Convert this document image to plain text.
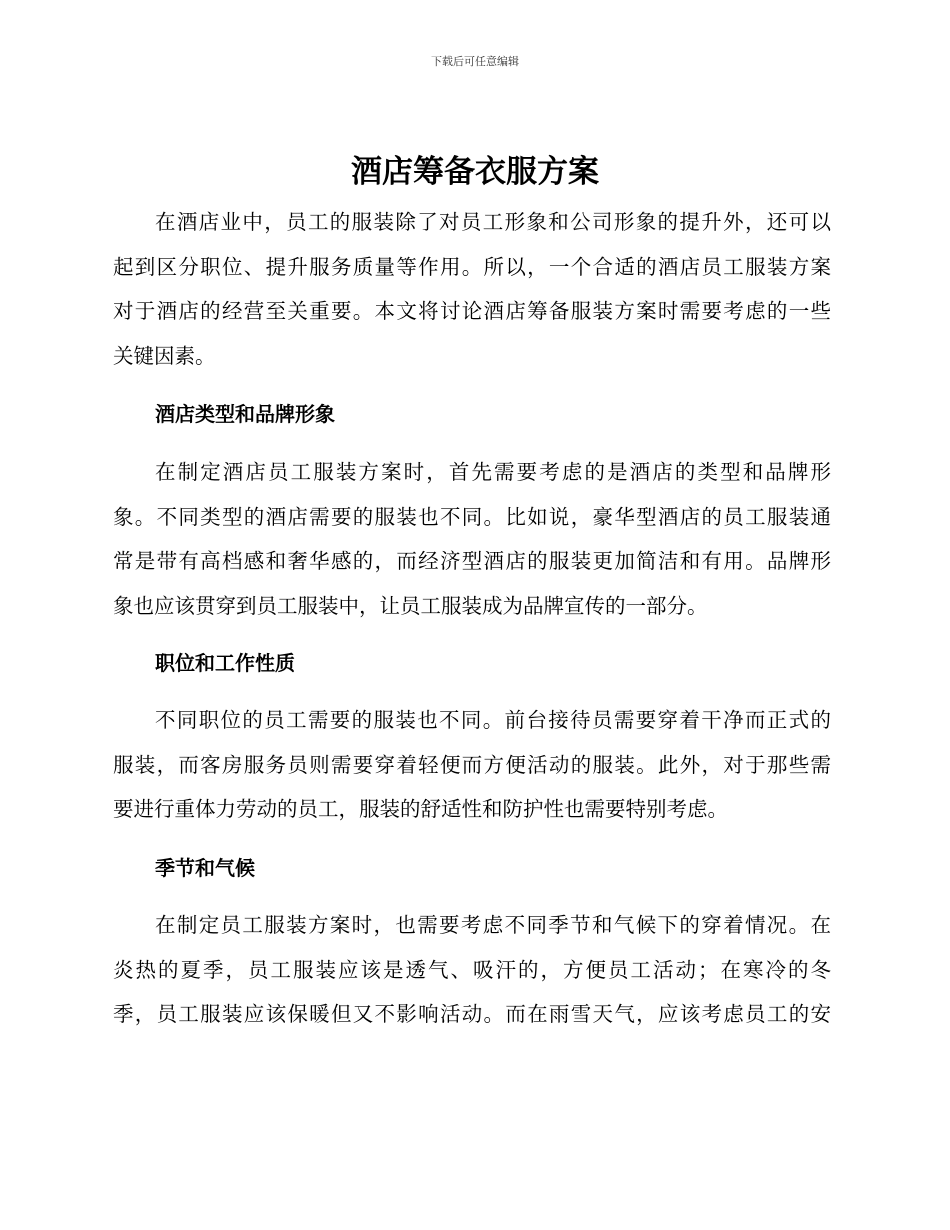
下载后可任意编辑
酒店筹备衣服方案

在酒店业中，员工的服装除了对员工形象和公司形象的提升外，还可以
起到区分职位、提升服务质量等作用。所以，一个合适的酒店员工服装方案
对于酒店的经营至关重要。本文将讨论酒店筹备服装方案时需要考虑的一些
关键因素。

酒店类型和品牌形象

在制定酒店员工服装方案时，首先需要考虑的是酒店的类型和品牌形
象。不同类型的酒店需要的服装也不同。比如说，豪华型酒店的员工服装通
常是带有高档感和奢华感的，而经济型酒店的服装更加简洁和有用。品牌形
象也应该贯穿到员工服装中，让员工服装成为品牌宣传的一部分。

职位和工作性质

不同职位的员工需要的服装也不同。前台接待员需要穿着干净而正式的
服装，而客房服务员则需要穿着轻便而方便活动的服装。此外，对于那些需
要进行重体力劳动的员工，服装的舒适性和防护性也需要特别考虑。

季节和气候

在制定员工服装方案时，也需要考虑不同季节和气候下的穿着情况。在
炎热的夏季，员工服装应该是透气、吸汗的，方便员工活动；在寒冷的冬
季，员工服装应该保暖但又不影响活动。而在雨雪天气，应该考虑员工的安
